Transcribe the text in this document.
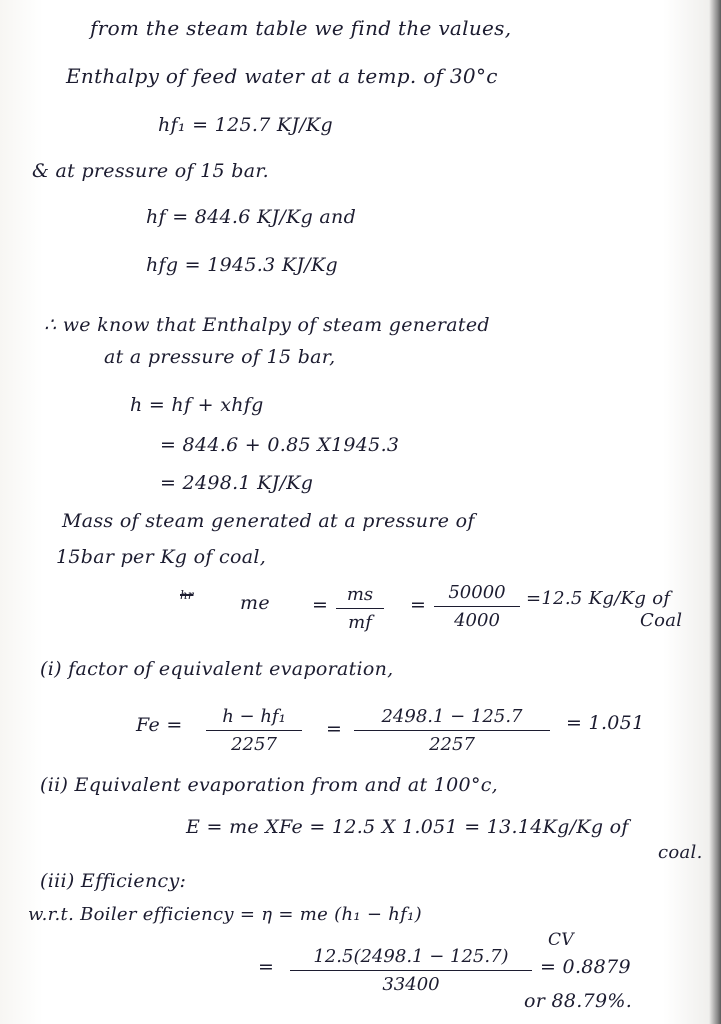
from the steam table we find the values,
Enthalpy of feed water at a temp. of 30°c
hf₁ = 125.7 KJ/Kg
& at pressure of 15 bar.
hf = 844.6 KJ/Kg and
hfg = 1945.3 KJ/Kg
∴ we know that Enthalpy of steam generated
at a pressure of 15 bar,
h = hf + xhfg
= 844.6 + 0.85 X1945.3
= 2498.1 KJ/Kg
Mass of steam generated at a pressure of
15bar per Kg of coal,
hr me = $\frac{ms}{mf} = \frac{50000}{4000} =12.5$ Kg/Kg of
Coal
(i) factor of equivalent evaporation,
$Fe = \frac{\text{h − hf₁}}{2257} = \frac{2498.1 - 125.7}{2257} = 1.051$
(ii) Equivalent evaporation from and at 100°c,
E = me XFe = 12.5 X 1.051 = 13.14Kg/Kg of
coal.
(iii) Efficiency:
w.r.t. Boiler efficiency = η = me (h₁ − hf₁)
CV
= $\frac{12.5(2498.1 - 125.7)}{33400} = 0.8879$
or 88.79%.
